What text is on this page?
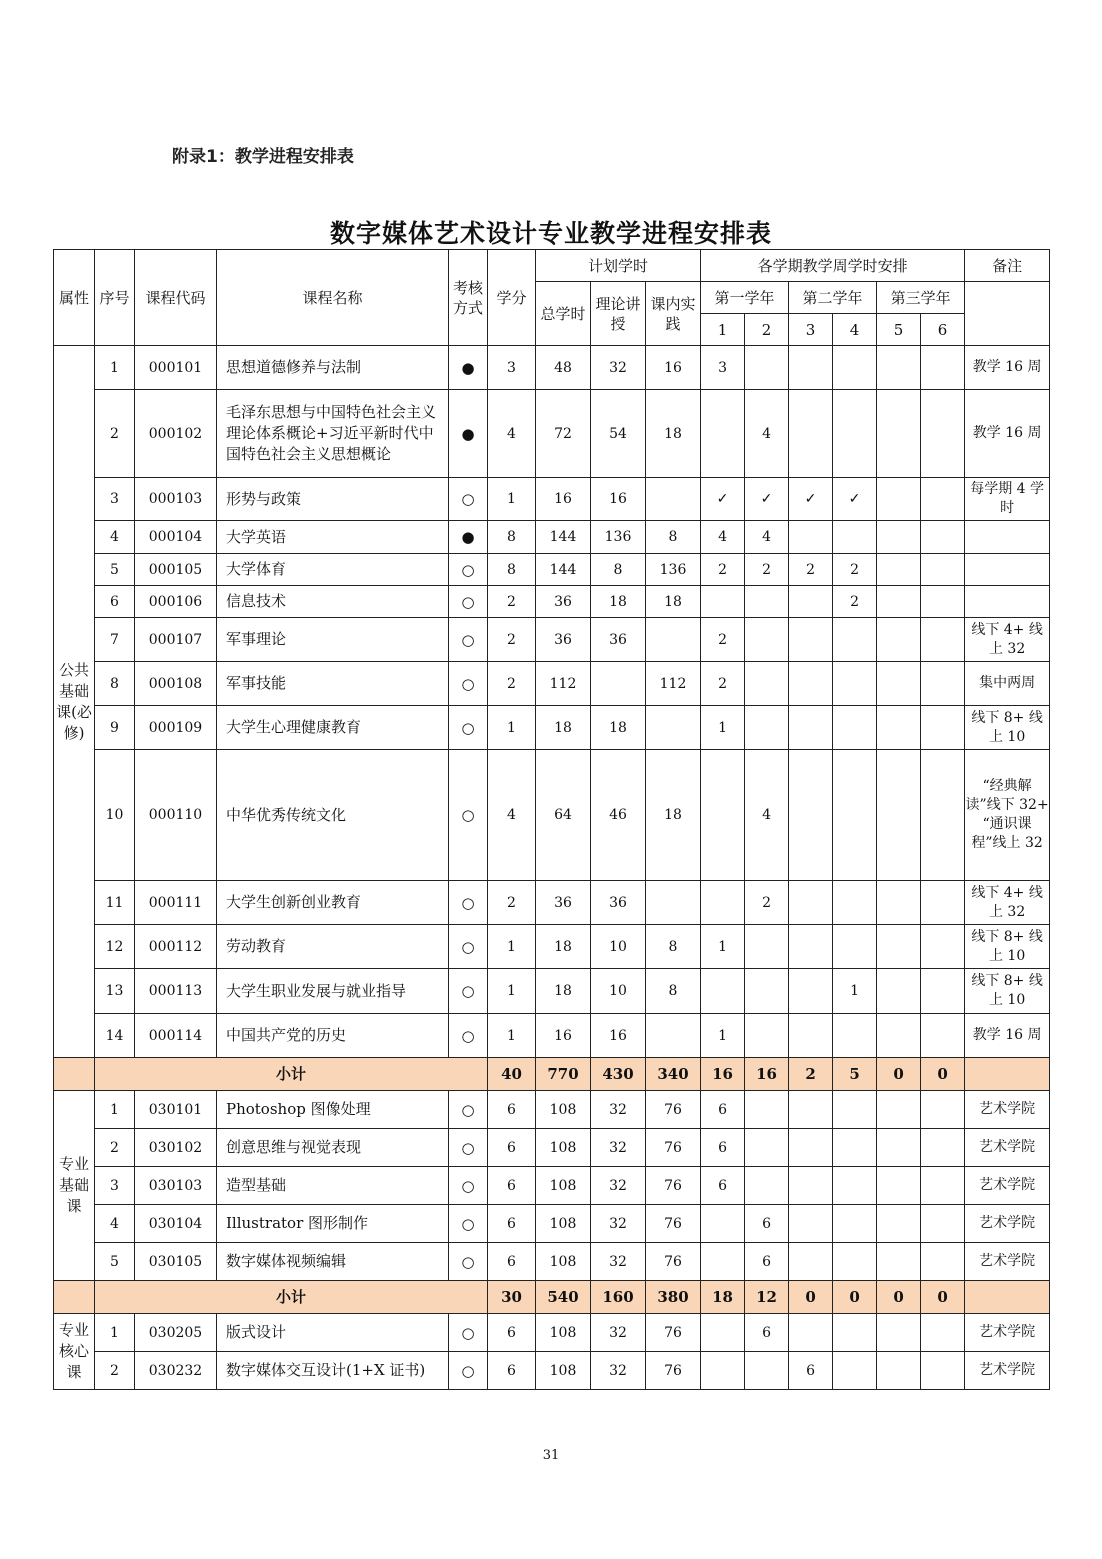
附录1：教学进程安排表
数字媒体艺术设计专业教学进程安排表
属性	序号	课程代码	课程名称	考核方式	学分	计划学时			各学期教学周学时安排						备注
						总学时	理论讲授	课内实践	第一学年		第二学年		第三学年		
									1	2	3	4	5	6	
公共基础课(必修)	1	000101	思想道德修养与法制	●	3	48	32	16	3						教学 16 周
	2	000102	毛泽东思想与中国特色社会主义理论体系概论+习近平新时代中国特色社会主义思想概论	●	4	72	54	18		4					教学 16 周
	3	000103	形势与政策	○	1	16	16		✓	✓	✓	✓			每学期 4 学时
	4	000104	大学英语	●	8	144	136	8	4	4					
	5	000105	大学体育	○	8	144	8	136	2	2	2	2			
	6	000106	信息技术	○	2	36	18	18				2			
	7	000107	军事理论	○	2	36	36		2						线下 4+ 线上 32
	8	000108	军事技能	○	2	112		112	2						集中两周
	9	000109	大学生心理健康教育	○	1	18	18		1						线下 8+ 线上 10
	10	000110	中华优秀传统文化	○	4	64	46	18		4					“经典解读”线下 32+ “通识课程”线上 32
	11	000111	大学生创新创业教育	○	2	36	36			2					线下 4+ 线上 32
	12	000112	劳动教育	○	1	18	10	8	1						线下 8+ 线上 10
	13	000113	大学生职业发展与就业指导	○	1	18	10	8				1			线下 8+ 线上 10
	14	000114	中国共产党的历史	○	1	16	16		1						教学 16 周
	小计				40	770	430	340	16	16	2	5	0	0	
专业基础课	1	030101	Photoshop 图像处理	○	6	108	32	76	6						艺术学院
	2	030102	创意思维与视觉表现	○	6	108	32	76	6						艺术学院
	3	030103	造型基础	○	6	108	32	76	6						艺术学院
	4	030104	Illustrator 图形制作	○	6	108	32	76		6					艺术学院
	5	030105	数字媒体视频编辑	○	6	108	32	76		6					艺术学院
	小计				30	540	160	380	18	12	0	0	0	0	
专业核心课	1	030205	版式设计	○	6	108	32	76		6					艺术学院
	2	030232	数字媒体交互设计(1+X 证书)	○	6	108	32	76			6				艺术学院
31
